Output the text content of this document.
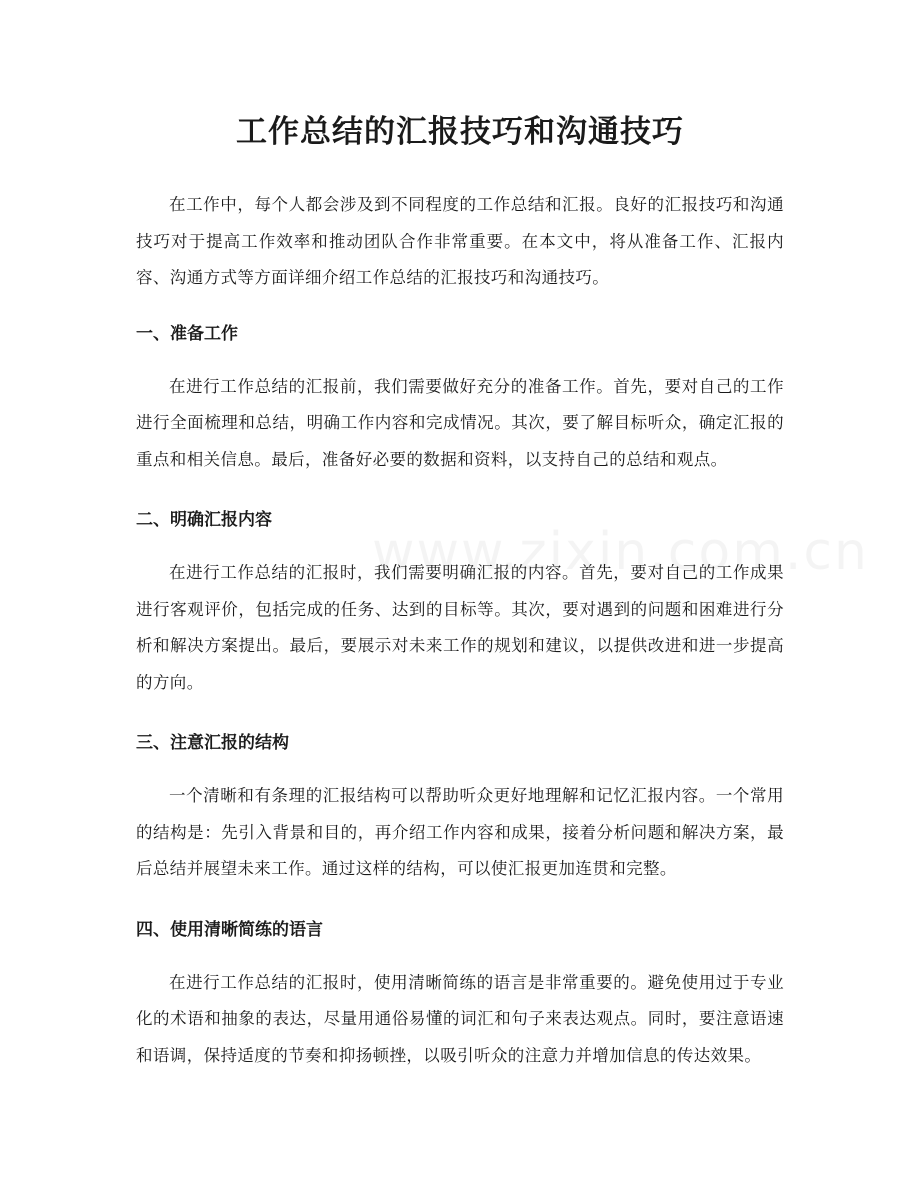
工作总结的汇报技巧和沟通技巧

在工作中，每个人都会涉及到不同程度的工作总结和汇报。良好的汇报技巧和沟通技巧对于提高工作效率和推动团队合作非常重要。在本文中，将从准备工作、汇报内容、沟通方式等方面详细介绍工作总结的汇报技巧和沟通技巧。

一、准备工作

在进行工作总结的汇报前，我们需要做好充分的准备工作。首先，要对自己的工作进行全面梳理和总结，明确工作内容和完成情况。其次，要了解目标听众，确定汇报的重点和相关信息。最后，准备好必要的数据和资料，以支持自己的总结和观点。

二、明确汇报内容

在进行工作总结的汇报时，我们需要明确汇报的内容。首先，要对自己的工作成果进行客观评价，包括完成的任务、达到的目标等。其次，要对遇到的问题和困难进行分析和解决方案提出。最后，要展示对未来工作的规划和建议，以提供改进和进一步提高的方向。

三、注意汇报的结构

一个清晰和有条理的汇报结构可以帮助听众更好地理解和记忆汇报内容。一个常用的结构是：先引入背景和目的，再介绍工作内容和成果，接着分析问题和解决方案，最后总结并展望未来工作。通过这样的结构，可以使汇报更加连贯和完整。

四、使用清晰简练的语言

在进行工作总结的汇报时，使用清晰简练的语言是非常重要的。避免使用过于专业化的术语和抽象的表达，尽量用通俗易懂的词汇和句子来表达观点。同时，要注意语速和语调，保持适度的节奏和抑扬顿挫，以吸引听众的注意力并增加信息的传达效果。
